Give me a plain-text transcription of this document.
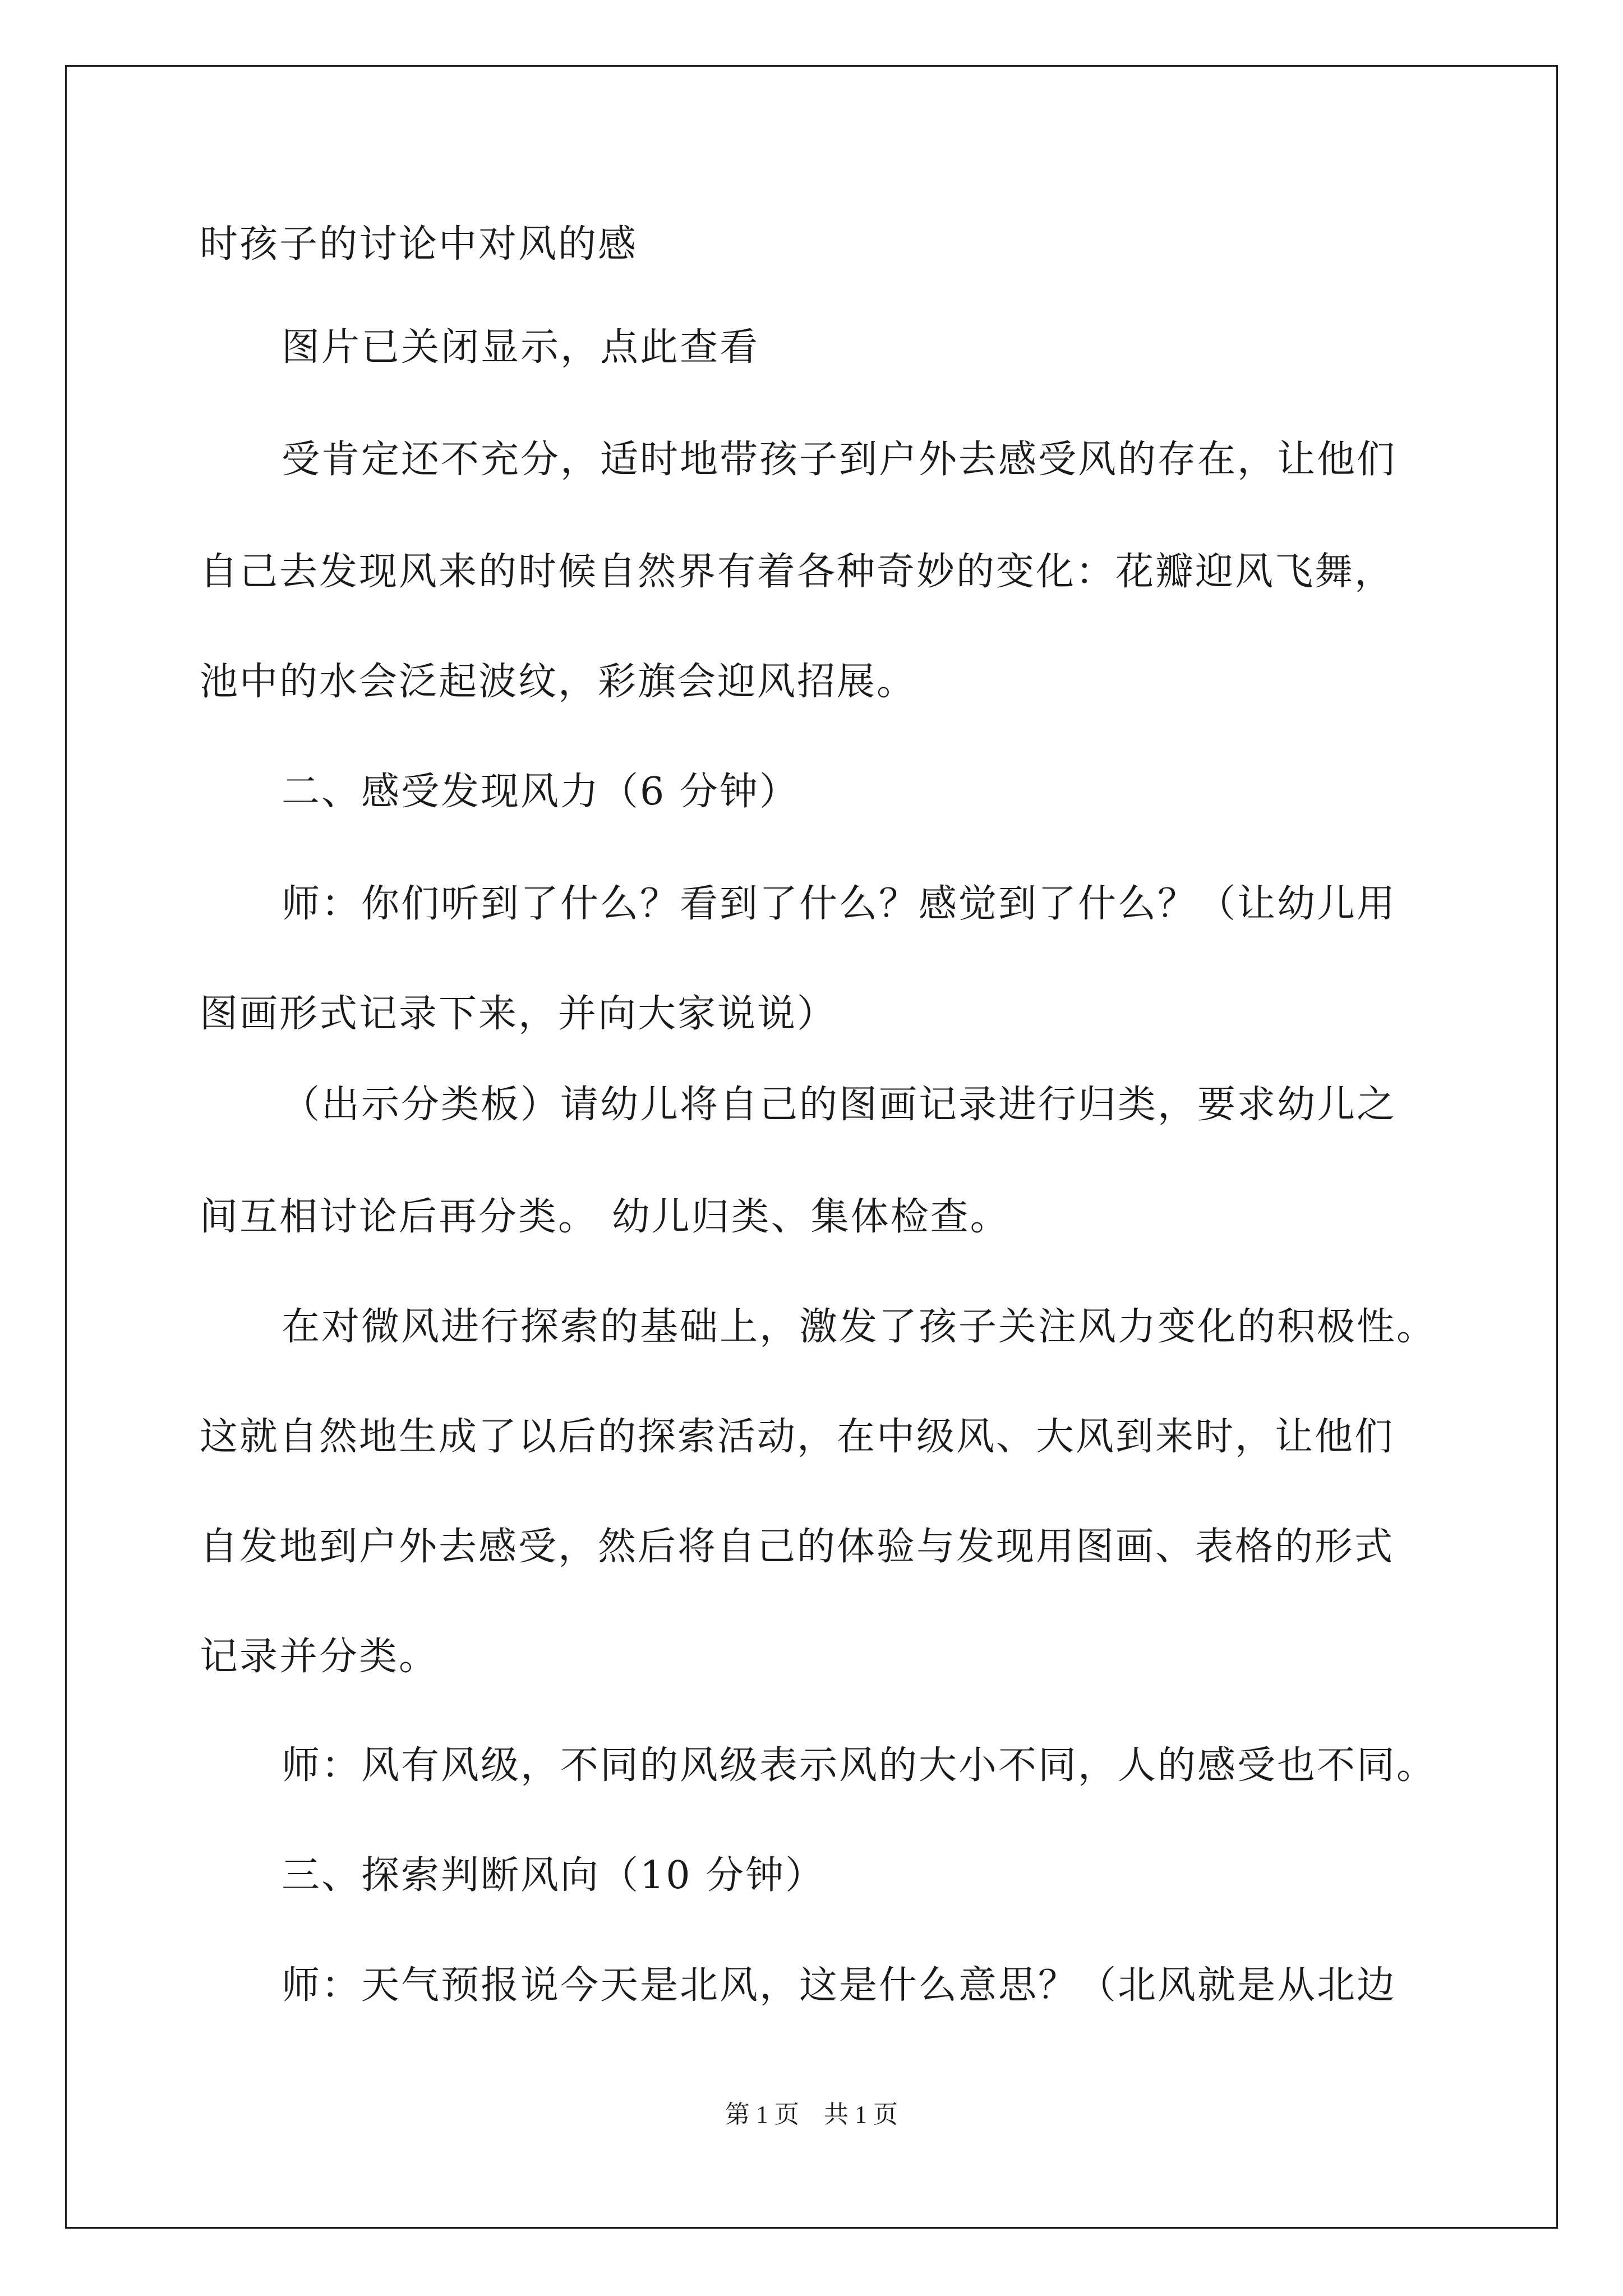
时孩子的讨论中对风的感
图片已关闭显示，点此查看
受肯定还不充分，适时地带孩子到户外去感受风的存在，让他们
自己去发现风来的时候自然界有着各种奇妙的变化：花瓣迎风飞舞，
池中的水会泛起波纹，彩旗会迎风招展。
二、感受发现风力（6 分钟）
师：你们听到了什么？看到了什么？感觉到了什么？（让幼儿用
图画形式记录下来，并向大家说说）
（出示分类板）请幼儿将自己的图画记录进行归类，要求幼儿之
间互相讨论后再分类。 幼儿归类、集体检查。
在对微风进行探索的基础上，激发了孩子关注风力变化的积极性。
这就自然地生成了以后的探索活动，在中级风、大风到来时，让他们
自发地到户外去感受，然后将自己的体验与发现用图画、表格的形式
记录并分类。
师：风有风级，不同的风级表示风的大小不同，人的感受也不同。
三、探索判断风向（10 分钟）
师：天气预报说今天是北风，这是什么意思？（北风就是从北边
第 1 页　共 1 页
